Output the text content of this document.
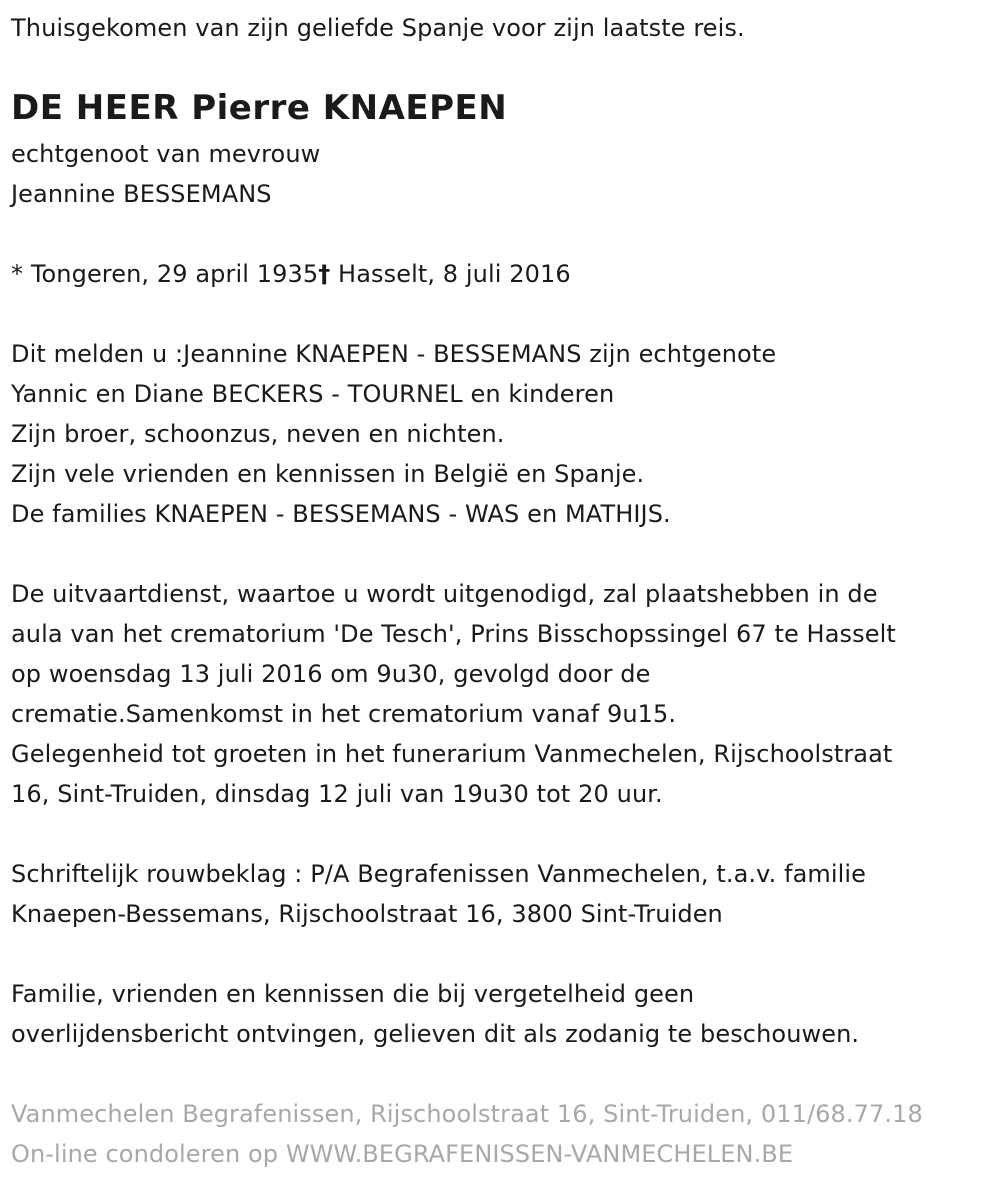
Thuisgekomen van zijn geliefde Spanje voor zijn laatste reis.
DE HEER Pierre KNAEPEN
echtgenoot van mevrouw
Jeannine BESSEMANS
* Tongeren, 29 april 1935† Hasselt, 8 juli 2016
Dit melden u :Jeannine KNAEPEN - BESSEMANS zijn echtgenote
Yannic en Diane BECKERS - TOURNEL en kinderen
Zijn broer, schoonzus, neven en nichten.
Zijn vele vrienden en kennissen in België en Spanje.
De families KNAEPEN - BESSEMANS - WAS en MATHIJS.
De uitvaartdienst, waartoe u wordt uitgenodigd, zal plaatshebben in de
aula van het crematorium 'De Tesch', Prins Bisschopssingel 67 te Hasselt
op woensdag 13 juli 2016 om 9u30, gevolgd door de
crematie.Samenkomst in het crematorium vanaf 9u15.
Gelegenheid tot groeten in het funerarium Vanmechelen, Rijschoolstraat
16, Sint-Truiden, dinsdag 12 juli van 19u30 tot 20 uur.
Schriftelijk rouwbeklag : P/A Begrafenissen Vanmechelen, t.a.v. familie
Knaepen-Bessemans, Rijschoolstraat 16, 3800 Sint-Truiden
Familie, vrienden en kennissen die bij vergetelheid geen
overlijdensbericht ontvingen, gelieven dit als zodanig te beschouwen.
Vanmechelen Begrafenissen, Rijschoolstraat 16, Sint-Truiden, 011/68.77.18
On-line condoleren op WWW.BEGRAFENISSEN-VANMECHELEN.BE
